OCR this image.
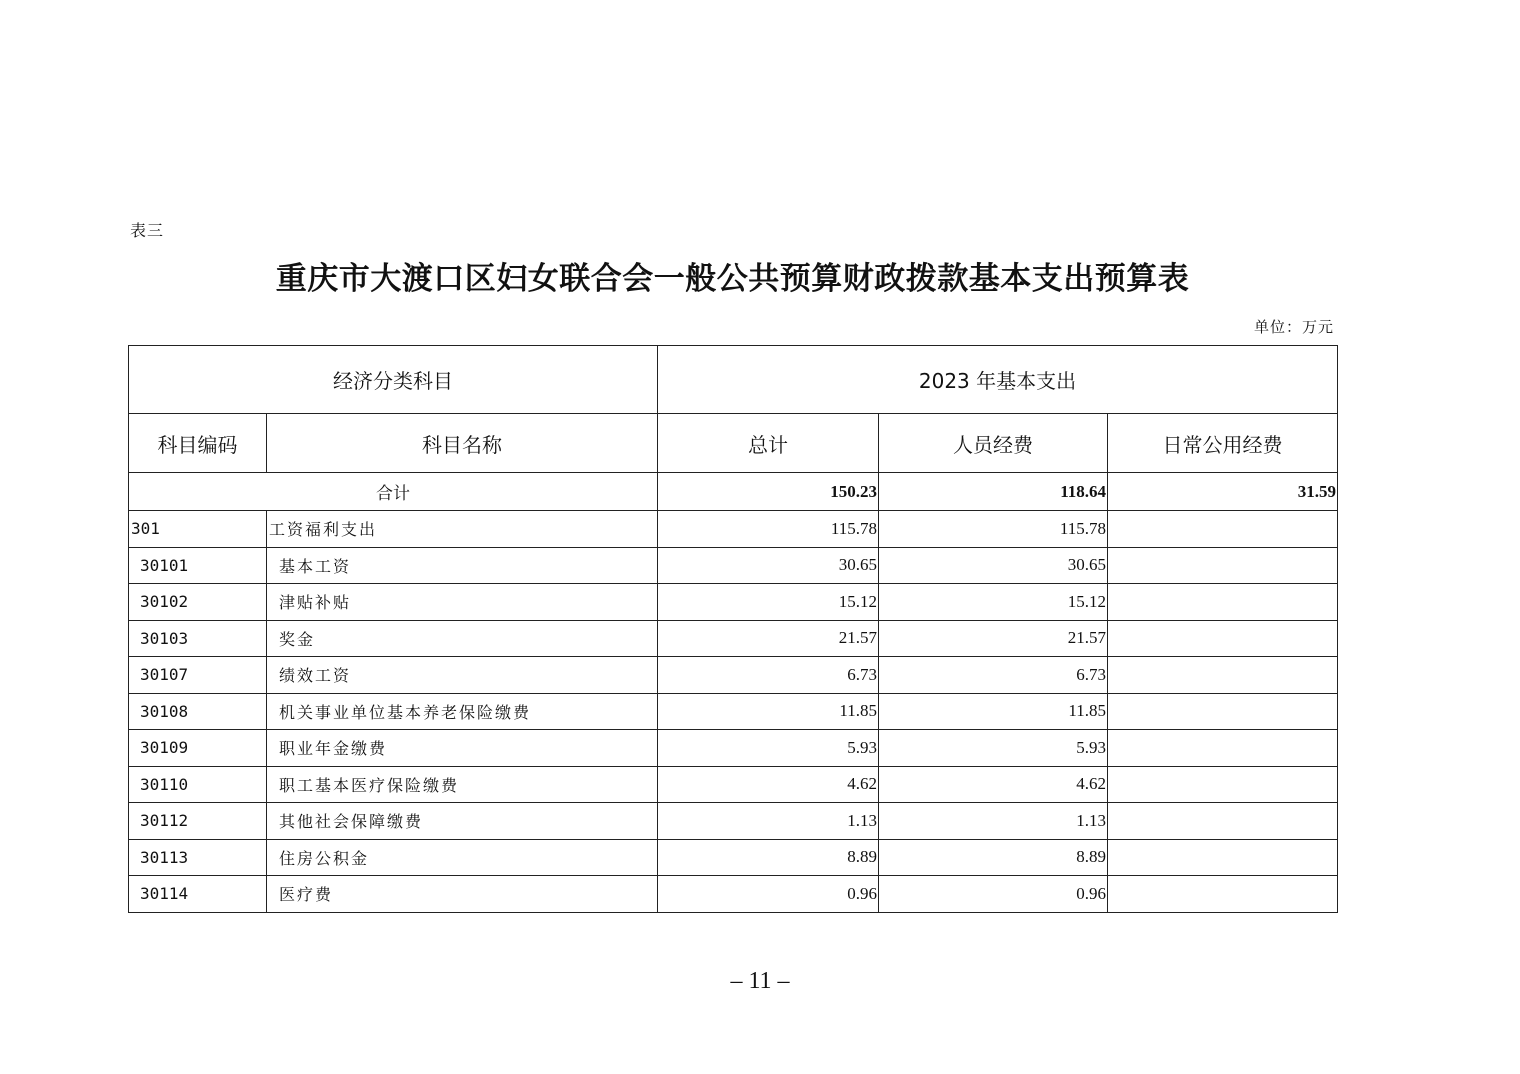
表三
重庆市大渡口区妇女联合会一般公共预算财政拨款基本支出预算表
单位：万元
经济分类科目		2023 年基本支出		
科目编码	科目名称	总计	人员经费	日常公用经费
合计		150.23	118.64	31.59
301	工资福利支出	115.78	115.78	
30101	基本工资	30.65	30.65	
30102	津贴补贴	15.12	15.12	
30103	奖金	21.57	21.57	
30107	绩效工资	6.73	6.73	
30108	机关事业单位基本养老保险缴费	11.85	11.85	
30109	职业年金缴费	5.93	5.93	
30110	职工基本医疗保险缴费	4.62	4.62	
30112	其他社会保障缴费	1.13	1.13	
30113	住房公积金	8.89	8.89	
30114	医疗费	0.96	0.96	
– 11 –
